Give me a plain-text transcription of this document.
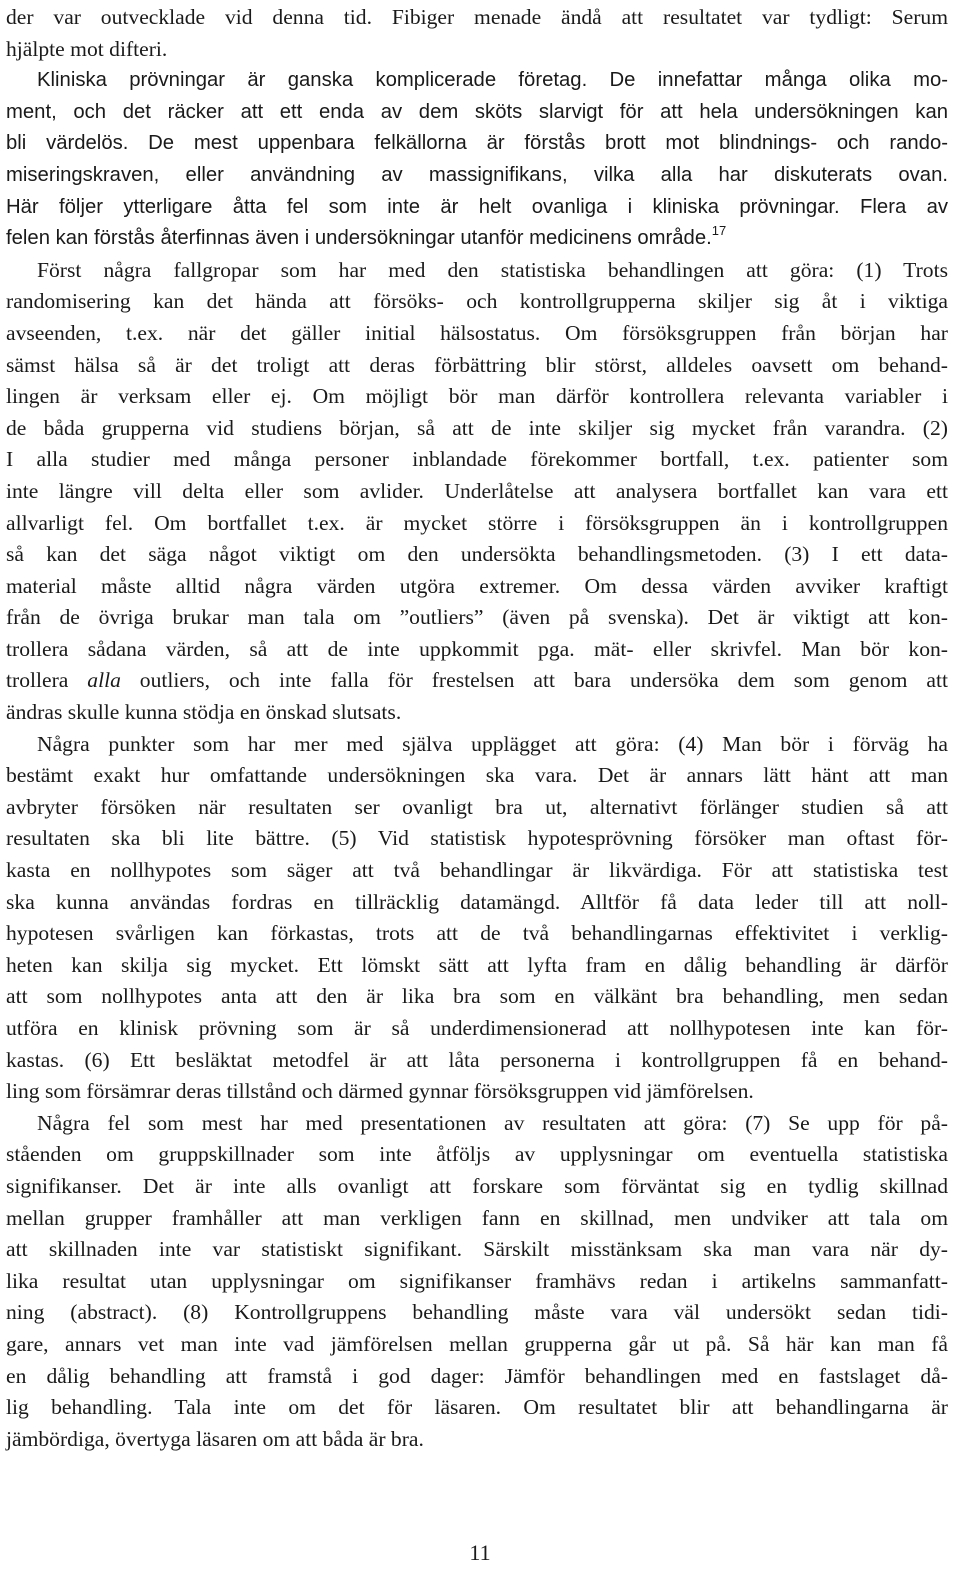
der var outvecklade vid denna tid. Fibiger menade ändå att resultatet var tydligt: Serum
hjälpte mot difteri.
Kliniska prövningar är ganska komplicerade företag. De innefattar många olika mo-
ment, och det räcker att ett enda av dem sköts slarvigt för att hela undersökningen kan
bli värdelös. De mest uppenbara felkällorna är förstås brott mot blindnings- och rando-
miseringskraven, eller användning av massignifikans, vilka alla har diskuterats ovan.
Här följer ytterligare åtta fel som inte är helt ovanliga i kliniska prövningar. Flera av
felen kan förstås återfinnas även i undersökningar utanför medicinens område.$^{17}$
Först några fallgropar som har med den statistiska behandlingen att göra: (1) Trots
randomisering kan det hända att försöks- och kontrollgrupperna skiljer sig åt i viktiga
avseenden, t.ex. när det gäller initial hälsostatus. Om försöksgruppen från början har
sämst hälsa så är det troligt att deras förbättring blir störst, alldeles oavsett om behand-
lingen är verksam eller ej. Om möjligt bör man därför kontrollera relevanta variabler i
de båda grupperna vid studiens början, så att de inte skiljer sig mycket från varandra. (2)
I alla studier med många personer inblandade förekommer bortfall, t.ex. patienter som
inte längre vill delta eller som avlider. Underlåtelse att analysera bortfallet kan vara ett
allvarligt fel. Om bortfallet t.ex. är mycket större i försöksgruppen än i kontrollgruppen
så kan det säga något viktigt om den undersökta behandlingsmetoden. (3) I ett data-
material måste alltid några värden utgöra extremer. Om dessa värden avviker kraftigt
från de övriga brukar man tala om ”outliers” (även på svenska). Det är viktigt att kon-
trollera sådana värden, så att de inte uppkommit pga. mät- eller skrivfel. Man bör kon-
trollera alla outliers, och inte falla för frestelsen att bara undersöka dem som genom att
ändras skulle kunna stödja en önskad slutsats.
Några punkter som har mer med själva upplägget att göra: (4) Man bör i förväg ha
bestämt exakt hur omfattande undersökningen ska vara. Det är annars lätt hänt att man
avbryter försöken när resultaten ser ovanligt bra ut, alternativt förlänger studien så att
resultaten ska bli lite bättre. (5) Vid statistisk hypotesprövning försöker man oftast för-
kasta en nollhypotes som säger att två behandlingar är likvärdiga. För att statistiska test
ska kunna användas fordras en tillräcklig datamängd. Alltför få data leder till att noll-
hypotesen svårligen kan förkastas, trots att de två behandlingarnas effektivitet i verklig-
heten kan skilja sig mycket. Ett lömskt sätt att lyfta fram en dålig behandling är därför
att som nollhypotes anta att den är lika bra som en välkänt bra behandling, men sedan
utföra en klinisk prövning som är så underdimensionerad att nollhypotesen inte kan för-
kastas. (6) Ett besläktat metodfel är att låta personerna i kontrollgruppen få en behand-
ling som försämrar deras tillstånd och därmed gynnar försöksgruppen vid jämförelsen.
Några fel som mest har med presentationen av resultaten att göra: (7) Se upp för på-
ståenden om gruppskillnader som inte åtföljs av upplysningar om eventuella statistiska
signifikanser. Det är inte alls ovanligt att forskare som förväntat sig en tydlig skillnad
mellan grupper framhåller att man verkligen fann en skillnad, men undviker att tala om
att skillnaden inte var statistiskt signifikant. Särskilt misstänksam ska man vara när dy-
lika resultat utan upplysningar om signifikanser framhävs redan i artikelns sammanfatt-
ning (abstract). (8) Kontrollgruppens behandling måste vara väl undersökt sedan tidi-
gare, annars vet man inte vad jämförelsen mellan grupperna går ut på. Så här kan man få
en dålig behandling att framstå i god dager: Jämför behandlingen med en fastslaget då-
lig behandling. Tala inte om det för läsaren. Om resultatet blir att behandlingarna är
jämbördiga, övertyga läsaren om att båda är bra.
11
